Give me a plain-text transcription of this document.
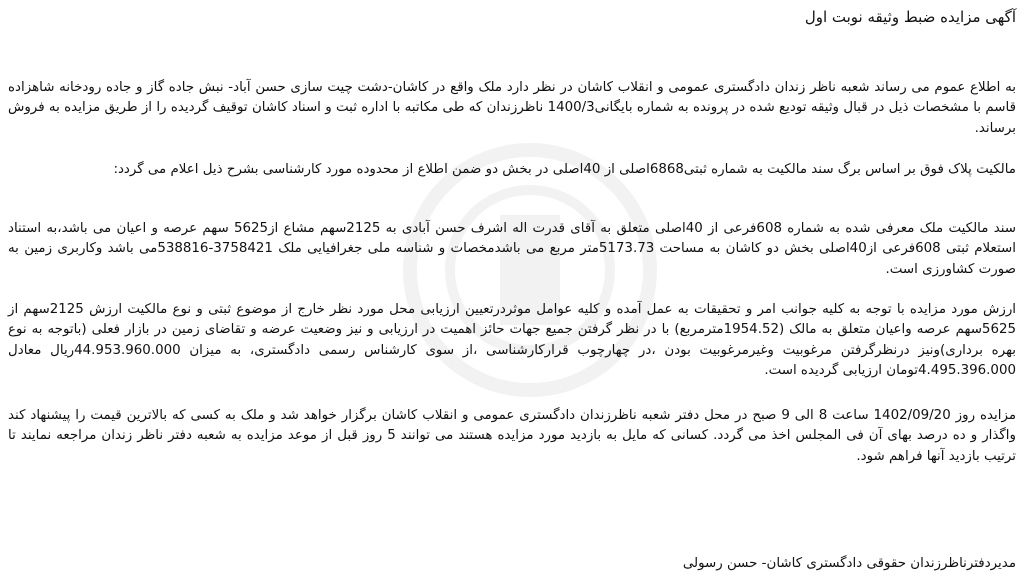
آگهی مزایده ضبط وثیقه نوبت اول
به اطلاع عموم می رساند شعبه ناظر زندان دادگستری عمومی و انقلاب کاشان در نظر دارد ملک واقع در کاشان-دشت چیت سازی حسن آباد- نبش جاده گاز و جاده رودخانه شاهزاده قاسم با مشخصات ذیل در قبال وثیقه تودیع شده در پرونده به شماره بایگانی1400/3 ناظرزندان که طی مکاتبه با اداره ثبت و اسناد کاشان توقیف گردیده را از طریق مزایده به فروش برساند.
مالکیت پلاک فوق بر اساس برگ سند مالکیت به شماره ثبتی6868اصلی از 40اصلی در بخش دو ضمن اطلاع از محدوده مورد کارشناسی بشرح ذیل اعلام می گردد:
سند مالکیت ملک معرفی شده به شماره 608فرعی از 40اصلی متعلق به آقای قدرت اله اشرف حسن آبادی به 2125سهم مشاع از5625 سهم عرصه و اعیان می باشد،به استناد استعلام ثبتی 608فرعی از40اصلی بخش دو کاشان به مساحت 5173.73متر مربع می باشدمخصات و شناسه ملی جغرافیایی ملک 3758421-538816می باشد وکاربری زمین به صورت کشاورزی است.
ارزش مورد مزایده با توجه به کلیه جوانب امر و تحقیقات به عمل آمده و کلیه عوامل موثردرتعیین ارزیابی محل مورد نظر خارج از موضوع ثبتی و نوع مالکیت ارزش 2125سهم از 5625سهم عرصه واعیان متعلق به مالک (1954.52مترمربع) با در نظر گرفتن جمیع جهات حائز اهمیت در ارزیابی و نیز وضعیت عرضه و تقاضای زمین در بازار فعلی (باتوجه به نوع بهره برداری)ونیز درنظرگرفتن مرغوبیت وغیرمرغوبیت بودن ،در چهارچوب قرارکارشناسی ،از سوی کارشناس رسمی دادگستری، به میزان 44.953.960.000ریال معادل 4.495.396.000تومان ارزیابی گردیده است.
مزایده روز 1402/09/20 ساعت 8 الی 9 صبح در محل دفتر شعبه ناظرزندان دادگستری عمومی و انقلاب کاشان برگزار خواهد شد و ملک به کسی که بالاترین قیمت را پیشنهاد کند واگذار و ده درصد بهای آن فی المجلس اخذ می گردد. کسانی که مایل به بازدید مورد مزایده هستند می توانند 5 روز قبل از موعد مزایده به شعبه دفتر ناظر زندان مراجعه نمایند تا ترتیب بازدید آنها فراهم شود.
مدیردفترناظرزندان حقوقی دادگستری کاشان- حسن رسولی
